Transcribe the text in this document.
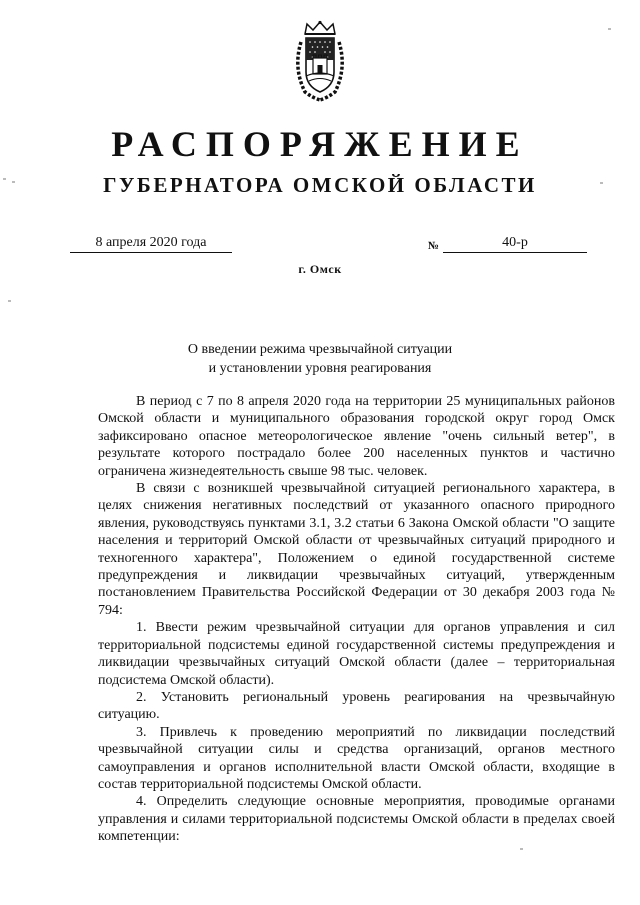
РАСПОРЯЖЕНИЕ
ГУБЕРНАТОРА ОМСКОЙ ОБЛАСТИ
8 апреля 2020 года	№	40-р
г. Омск
О введении режима чрезвычайной ситуации
и установлении уровня реагирования

В период с 7 по 8 апреля 2020 года на территории 25 муниципальных районов Омской области и муниципального образования городской округ город Омск зафиксировано опасное метеорологическое явление "очень сильный ветер", в результате которого пострадало более 200 населенных пунктов и частично ограничена жизнедеятельность свыше 98 тыс. человек.

В связи с возникшей чрезвычайной ситуацией регионального характера, в целях снижения негативных последствий от указанного опасного природного явления, руководствуясь пунктами 3.1, 3.2 статьи 6 Закона Омской области "О защите населения и территорий Омской области от чрезвычайных ситуаций природного и техногенного характера", Положением о единой государственной системе предупреждения и ликвидации чрезвычайных ситуаций, утвержденным постановлением Правительства Российской Федерации от 30 декабря 2003 года № 794:

1. Ввести режим чрезвычайной ситуации для органов управления и сил территориальной подсистемы единой государственной системы предупреждения и ликвидации чрезвычайных ситуаций Омской области (далее – территориальная подсистема Омской области).

2. Установить региональный уровень реагирования на чрезвычайную ситуацию.

3. Привлечь к проведению мероприятий по ликвидации последствий чрезвычайной ситуации силы и средства организаций, органов местного самоуправления и органов исполнительной власти Омской области, входящие в состав территориальной подсистемы Омской области.

4. Определить следующие основные мероприятия, проводимые органами управления и силами территориальной подсистемы Омской области в пределах своей компетенции:
